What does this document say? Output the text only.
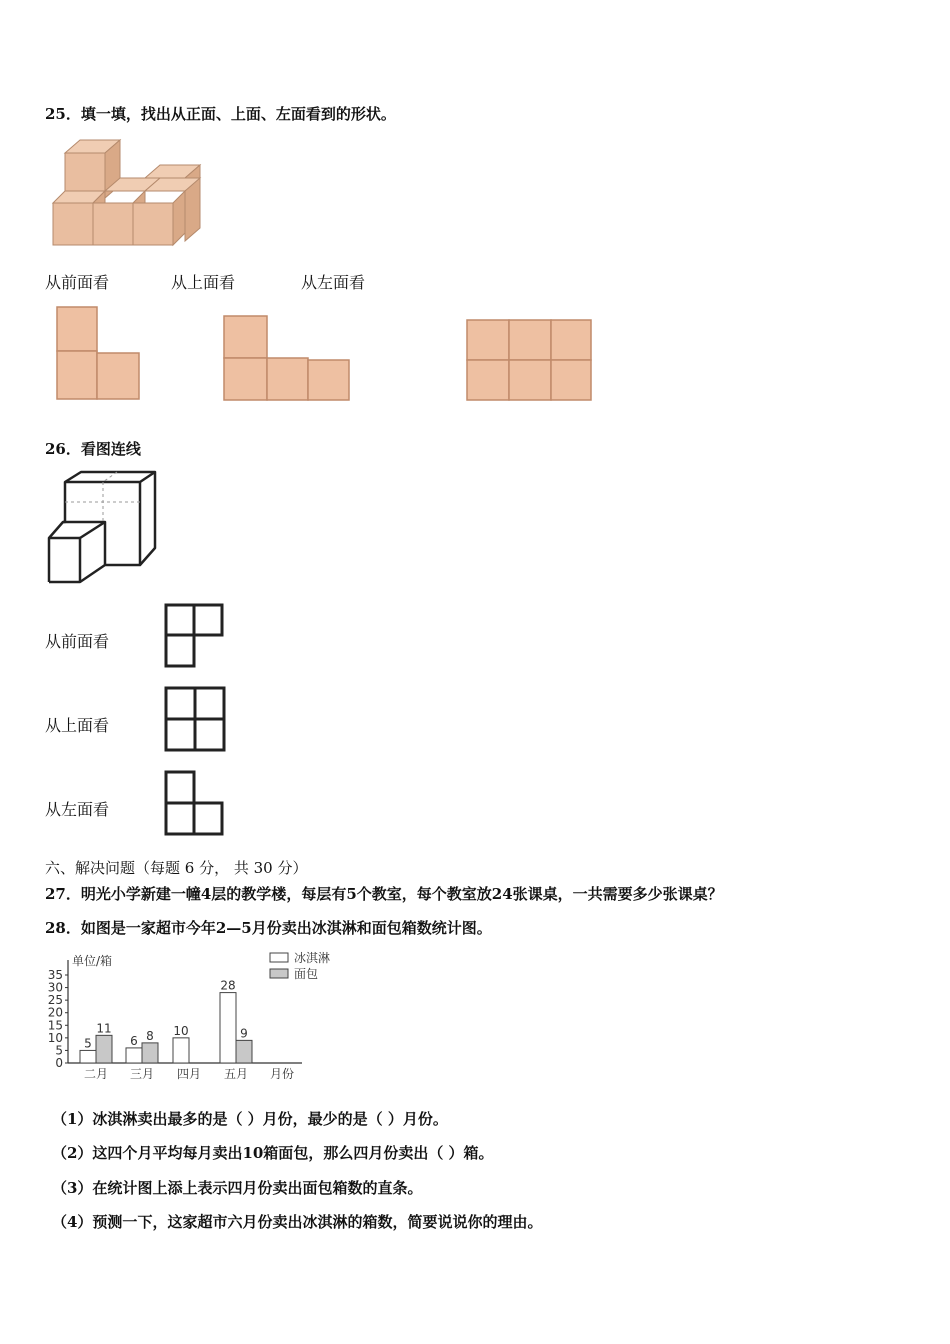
25．填一填，找出从正面、上面、左面看到的形状。
从前面看	从上面看	从左面看
26．看图连线
从前面看
从上面看
从左面看
六、解决问题（每题 6 分， 共 30 分）
27．明光小学新建一幢4层的教学楼，每层有5个教室，每个教室放24张课桌，一共需要多少张课桌？
28．如图是一家超市今年2—5月份卖出冰淇淋和面包箱数统计图。
单位/箱
月份
0
5
10
15
20
25
30
35
5
11
6 8 10
28
9
二月 三月 四月 五月
冰淇淋
面包
（1）冰淇淋卖出最多的是（ ）月份，最少的是（ ）月份。
（2）这四个月平均每月卖出10箱面包，那么四月份卖出（ ）箱。
（3）在统计图上添上表示四月份卖出面包箱数的直条。
（4）预测一下，这家超市六月份卖出冰淇淋的箱数，简要说说你的理由。
